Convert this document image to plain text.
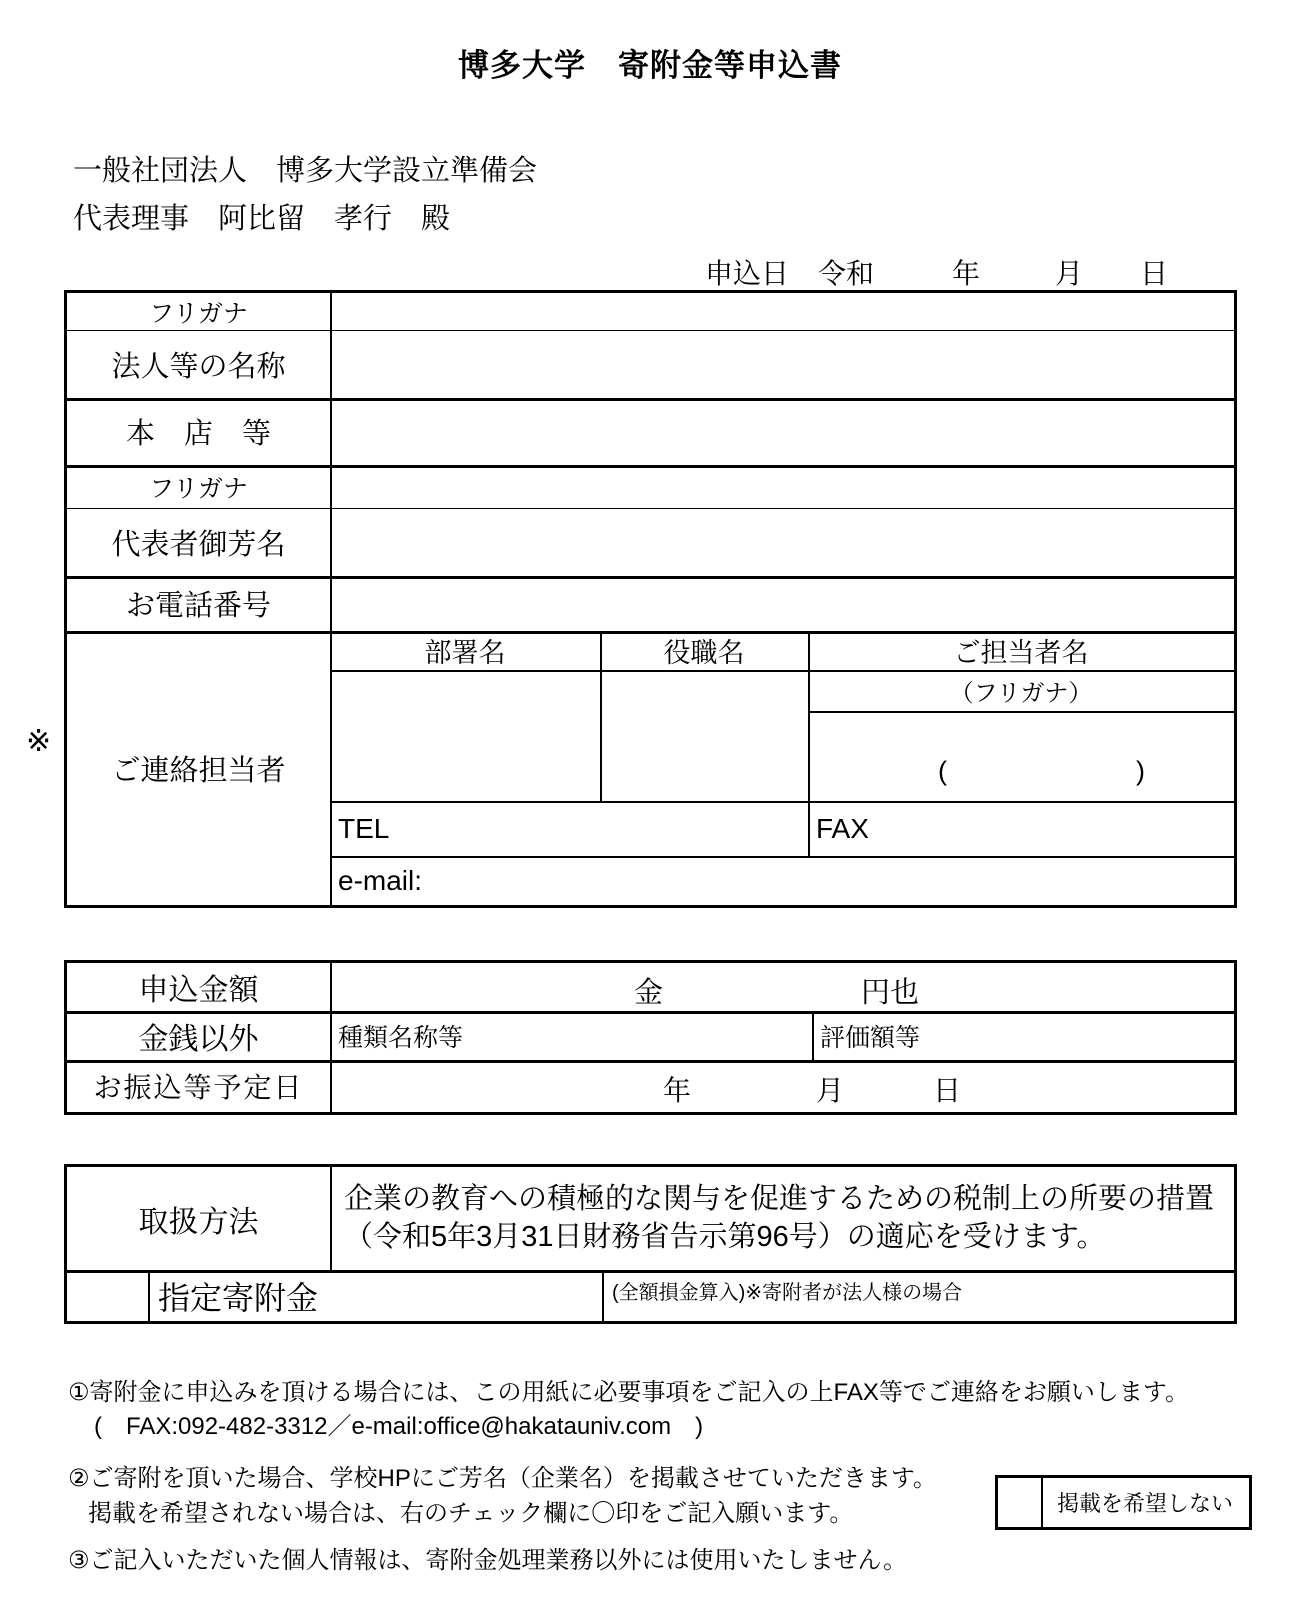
博多大学　寄附金等申込書
一般社団法人　博多大学設立準備会
代表理事　阿比留　孝行　殿
申込日 令和	年	月 日
※
フリガナ
法人等の名称
本　店　等
フリガナ
代表者御芳名
お電話番号
ご連絡担当者
部署名	役職名	ご担当者名
（フリガナ）
(　　　　　　　)
TEL	FAX
e-mail:
申込金額	金	円也
金銭以外	種類名称等	評価額等
お振込等予定日	年	月	日
取扱方法
企業の教育への積極的な関与を促進するための税制上の所要の措置
（令和5年3月31日財務省告示第96号）の適応を受けます。
指定寄附金	(全額損金算入)※寄附者が法人様の場合
①寄附金に申込みを頂ける場合には、この用紙に必要事項をご記入の上FAX等でご連絡をお願いします。
(　FAX:092-482-3312／e-mail:office@hakatauniv.com　)
②ご寄附を頂いた場合、学校HPにご芳名（企業名）を掲載させていただきます。
掲載を希望されない場合は、右のチェック欄に〇印をご記入願います。
③ご記入いただいた個人情報は、寄附金処理業務以外には使用いたしません。
掲載を希望しない
